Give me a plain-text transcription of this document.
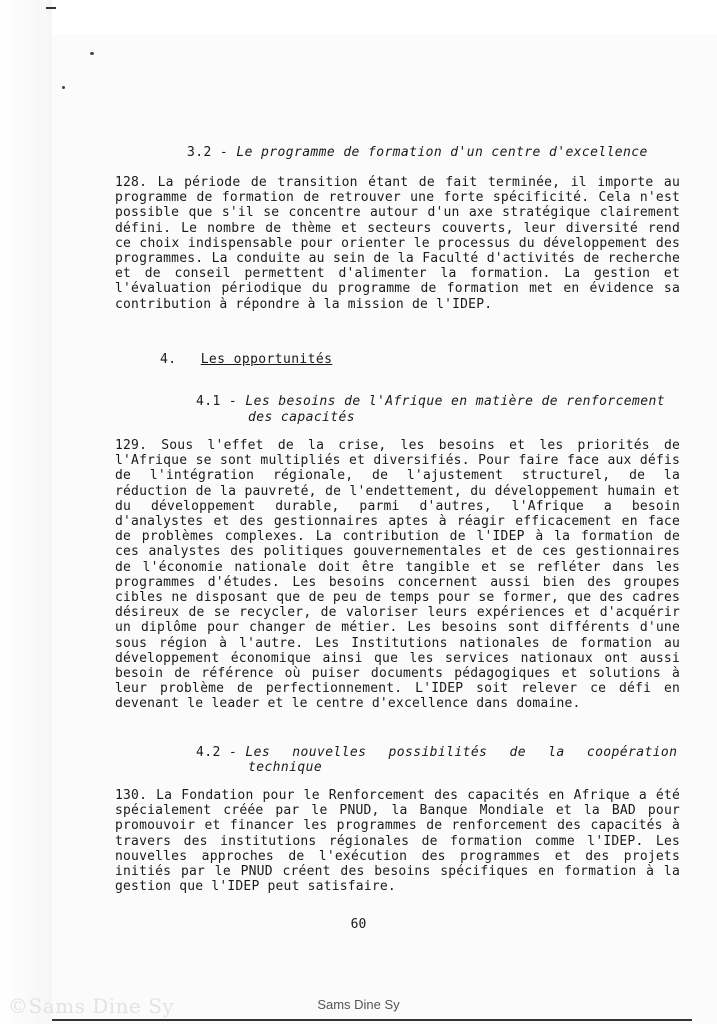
3.2 - Le programme de formation d'un centre d'excellence

128. La période de transition étant de fait terminée, il importe au programme de formation de retrouver une forte spécificité. Cela n'est possible que s'il se concentre autour d'un axe stratégique clairement défini. Le nombre de thème et secteurs couverts, leur diversité rend ce choix indispensable pour orienter le processus du développement des programmes. La conduite au sein de la Faculté d'activités de recherche et de conseil permettent d'alimenter la formation. La gestion et l'évaluation périodique du programme de formation met en évidence sa contribution à répondre à la mission de l'IDEP.

4. Les opportunités
4.1 - Les besoins de l'Afrique en matière de renforcement
des capacités

129. Sous l'effet de la crise, les besoins et les priorités de l'Afrique se sont multipliés et diversifiés. Pour faire face aux défis de l'intégration régionale, de l'ajustement structurel, de la réduction de la pauvreté, de l'endettement, du développement humain et du développement durable, parmi d'autres, l'Afrique a besoin d'analystes et des gestionnaires aptes à réagir efficacement en face de problèmes complexes. La contribution de l'IDEP à la formation de ces analystes des politiques gouvernementales et de ces gestionnaires de l'économie nationale doit être tangible et se refléter dans les programmes d'études. Les besoins concernent aussi bien des groupes cibles ne disposant que de peu de temps pour se former, que des cadres désireux de se recycler, de valoriser leurs expériences et d'acquérir un diplôme pour changer de métier. Les besoins sont différents d'une sous région à l'autre. Les Institutions nationales de formation au développement économique ainsi que les services nationaux ont aussi besoin de référence où puiser documents pédagogiques et solutions à leur problème de perfectionnement. L'IDEP soit relever ce défi en devenant le leader et le centre d'excellence dans domaine.

4.2 - Les nouvelles possibilités de la coopération
technique

130. La Fondation pour le Renforcement des capacités en Afrique a été spécialement créée par le PNUD, la Banque Mondiale et la BAD pour promouvoir et financer les programmes de renforcement des capacités à travers des institutions régionales de formation comme l'IDEP. Les nouvelles approches de l'exécution des programmes et des projets initiés par le PNUD créent des besoins spécifiques en formation à la gestion que l'IDEP peut satisfaire.

60
©Sams Dine Sy	Sams Dine Sy
